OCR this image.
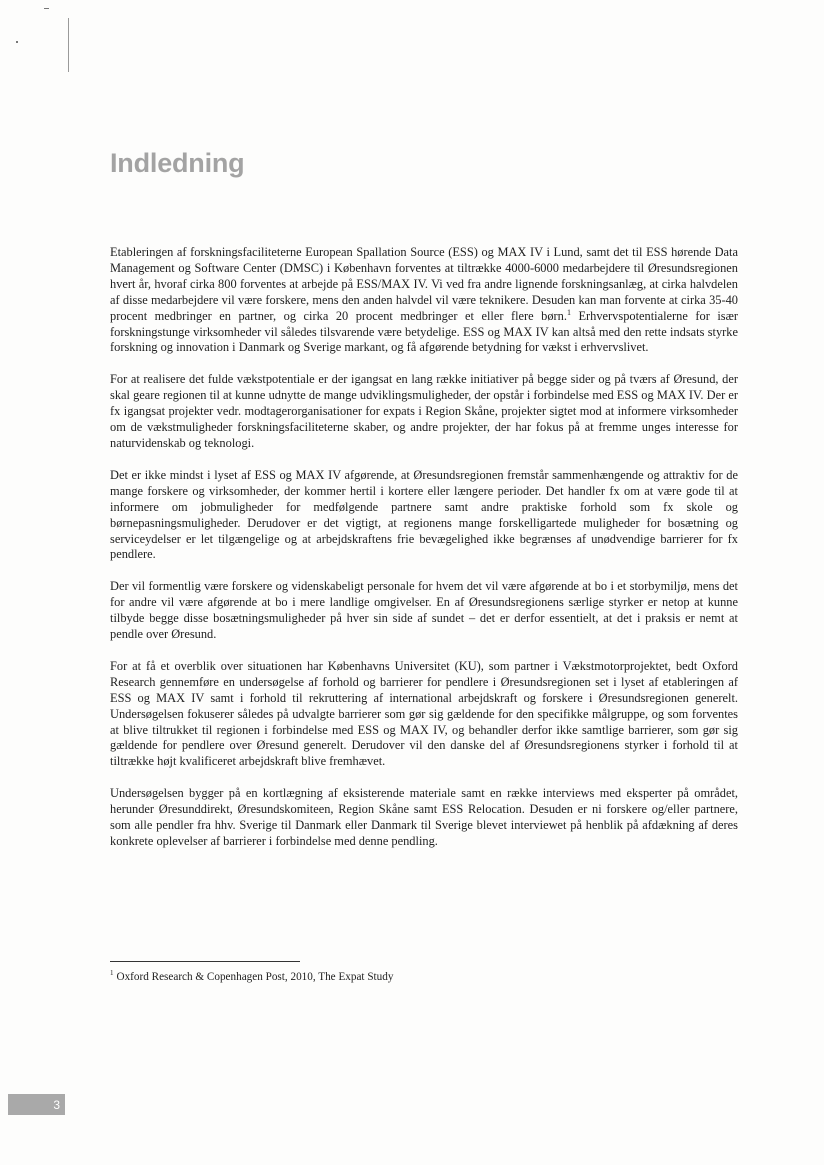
Indledning

Etableringen af forskningsfaciliteterne European Spallation Source (ESS) og MAX IV i Lund, samt det til ESS hørende Data Management og Software Center (DMSC) i København forventes at tiltrække 4000-6000 medarbejdere til Øresundsregionen hvert år, hvoraf cirka 800 forventes at arbejde på ESS/MAX IV. Vi ved fra andre lignende forskningsanlæg, at cirka halvdelen af disse medarbejdere vil være forskere, mens den anden halvdel vil være teknikere. Desuden kan man forvente at cirka 35-40 procent medbringer en partner, og cirka 20 procent medbringer et eller flere børn.$^1$ Erhvervspotentialerne for især forskningstunge virksomheder vil således tilsvarende være betydelige. ESS og MAX IV kan altså med den rette indsats styrke forskning og innovation i Danmark og Sverige markant, og få afgørende betydning for vækst i erhvervslivet.

For at realisere det fulde vækstpotentiale er der igangsat en lang række initiativer på begge sider og på tværs af Øresund, der skal geare regionen til at kunne udnytte de mange udviklingsmuligheder, der opstår i forbindelse med ESS og MAX IV. Der er fx igangsat projekter vedr. modtagerorganisationer for expats i Region Skåne, projekter sigtet mod at informere virksomheder om de vækstmuligheder forskningsfaciliteterne skaber, og andre projekter, der har fokus på at fremme unges interesse for naturvidenskab og teknologi.

Det er ikke mindst i lyset af ESS og MAX IV afgørende, at Øresundsregionen fremstår sammenhængende og attraktiv for de mange forskere og virksomheder, der kommer hertil i kortere eller længere perioder. Det handler fx om at være gode til at informere om jobmuligheder for medfølgende partnere samt andre praktiske forhold som fx skole og børnepasningsmuligheder. Derudover er det vigtigt, at regionens mange forskelligartede muligheder for bosætning og serviceydelser er let tilgængelige og at arbejdskraftens frie bevægelighed ikke begrænses af unødvendige barrierer for fx pendlere.

Der vil formentlig være forskere og videnskabeligt personale for hvem det vil være afgørende at bo i et storbymiljø, mens det for andre vil være afgørende at bo i mere landlige omgivelser. En af Øresundsregionens særlige styrker er netop at kunne tilbyde begge disse bosætningsmuligheder på hver sin side af sundet – det er derfor essentielt, at det i praksis er nemt at pendle over Øresund.

For at få et overblik over situationen har Københavns Universitet (KU), som partner i Vækstmotorprojektet, bedt Oxford Research gennemføre en undersøgelse af forhold og barrierer for pendlere i Øresundsregionen set i lyset af etableringen af ESS og MAX IV samt i forhold til rekruttering af international arbejdskraft og forskere i Øresundsregionen generelt. Undersøgelsen fokuserer således på udvalgte barrierer som gør sig gældende for den specifikke målgruppe, og som forventes at blive tiltrukket til regionen i forbindelse med ESS og MAX IV, og behandler derfor ikke samtlige barrierer, som gør sig gældende for pendlere over Øresund generelt. Derudover vil den danske del af Øresundsregionens styrker i forhold til at tiltrække højt kvalificeret arbejdskraft blive fremhævet.

Undersøgelsen bygger på en kortlægning af eksisterende materiale samt en række interviews med eksperter på området, herunder Øresunddirekt, Øresundskomiteen, Region Skåne samt ESS Relocation. Desuden er ni forskere og/eller partnere, som alle pendler fra hhv. Sverige til Danmark eller Danmark til Sverige blevet interviewet på henblik på afdækning af deres konkrete oplevelser af barrierer i forbindelse med denne pendling.

$^1$ Oxford Research & Copenhagen Post, 2010, The Expat Study
3
